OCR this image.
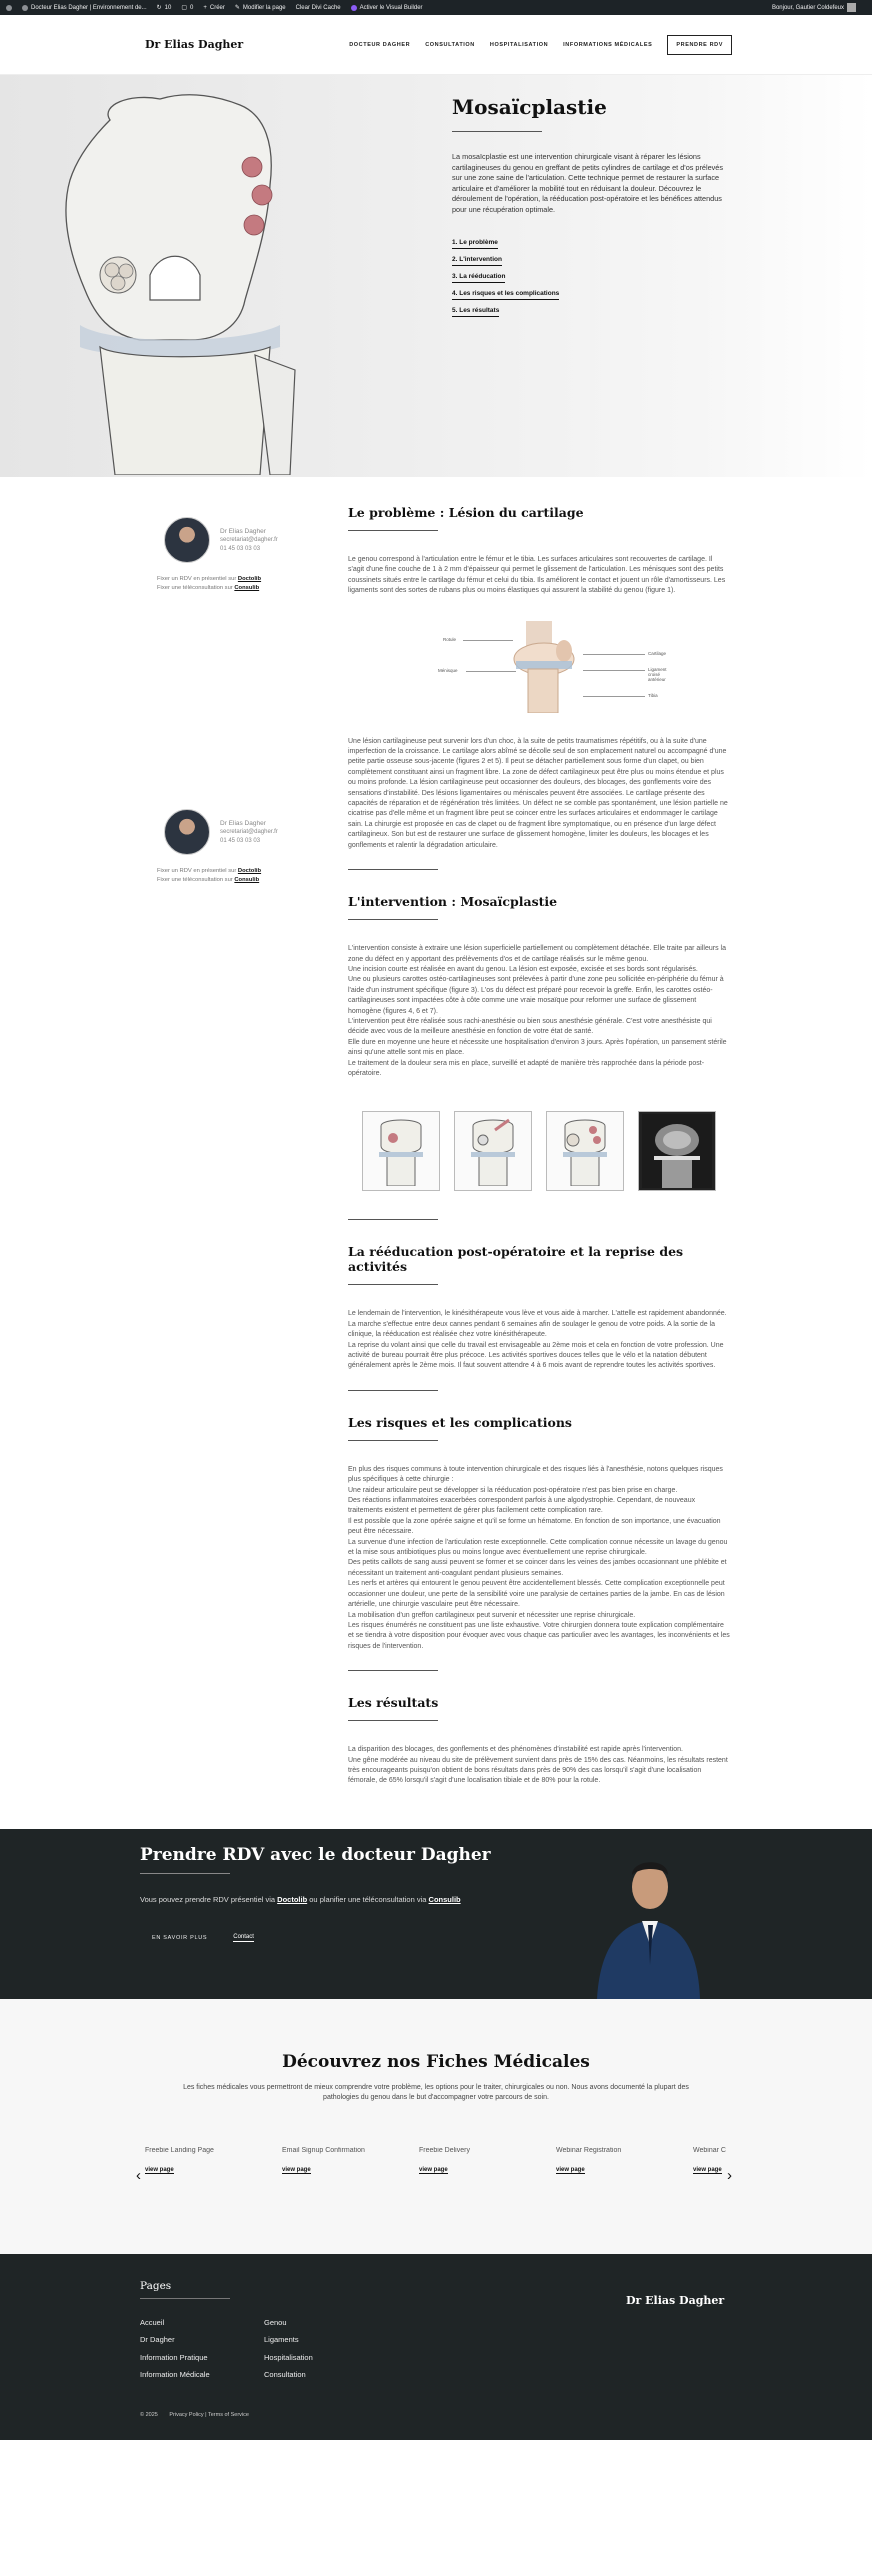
Docteur Elias Dagher | Environnement de... ↻ 10 ▢ 0 + Créer ✎ Modifier la page Clear Divi Cache	Activer le Visual Builder	Bonjour, Gautier Coldefeux
Dr Elias Dagher	DOCTEUR DAGHER	CONSULTATION	HOSPITALISATION	INFORMATIONS MÉDICALES	PRENDRE RDV
Mosaïcplastie

La mosaïcplastie est une intervention chirurgicale visant à réparer les lésions cartilagineuses du genou en greffant de petits cylindres de cartilage et d'os prélevés sur une zone saine de l'articulation. Cette technique permet de restaurer la surface articulaire et d'améliorer la mobilité tout en réduisant la douleur. Découvrez le déroulement de l'opération, la rééducation post-opératoire et les bénéfices attendus pour une récupération optimale.

1. Le problème
2. L'intervention
3. La rééducation
4. Les risques et les complications
5. Les résultats
Dr Elias Dagher
secretariat@dagher.fr
01 45 03 03 03
Fixer un RDV en présentiel sur Doctolib
Fixer une téléconsultation sur Consulib
Dr Elias Dagher
secretariat@dagher.fr
01 45 03 03 03
Fixer un RDV en présentiel sur Doctolib
Fixer une téléconsultation sur Consulib
Le problème : Lésion du cartilage

Le genou correspond à l'articulation entre le fémur et le tibia. Les surfaces articulaires sont recouvertes de cartilage. Il s'agit d'une fine couche de 1 à 2 mm d'épaisseur qui permet le glissement de l'articulation. Les ménisques sont des petits coussinets situés entre le cartilage du fémur et celui du tibia. Ils améliorent le contact et jouent un rôle d'amortisseurs. Les ligaments sont des sortes de rubans plus ou moins élastiques qui assurent la stabilité du genou (figure 1).

Rotule
Cartilage
Ménisque	Ligament croisé antérieur
Tibia

Une lésion cartilagineuse peut survenir lors d'un choc, à la suite de petits traumatismes répétitifs, ou à la suite d'une imperfection de la croissance. Le cartilage alors abîmé se décolle seul de son emplacement naturel ou accompagné d'une petite partie osseuse sous-jacente (figures 2 et 5). Il peut se détacher partiellement sous forme d'un clapet, ou bien complètement constituant ainsi un fragment libre. La zone de défect cartilagineux peut être plus ou moins étendue et plus ou moins profonde. La lésion cartilagineuse peut occasionner des douleurs, des blocages, des gonflements voire des sensations d'instabilité. Des lésions ligamentaires ou méniscales peuvent être associées. Le cartilage présente des capacités de réparation et de régénération très limitées. Un défect ne se comble pas spontanément, une lésion partielle ne cicatrise pas d'elle même et un fragment libre peut se coincer entre les surfaces articulaires et endommager le cartilage sain. La chirurgie est proposée en cas de clapet ou de fragment libre symptomatique, ou en présence d'un large défect cartilagineux. Son but est de restaurer une surface de glissement homogène, limiter les douleurs, les blocages et les gonflements et ralentir la dégradation articulaire.

L'intervention : Mosaïcplastie

L'intervention consiste à extraire une lésion superficielle partiellement ou complètement détachée. Elle traite par ailleurs la zone du défect en y apportant des prélèvements d'os et de cartilage réalisés sur le même genou.
Une incision courte est réalisée en avant du genou. La lésion est exposée, excisée et ses bords sont régularisés.
Une ou plusieurs carottes ostéo-cartilagineuses sont prélevées à partir d'une zone peu sollicitée en-périphérie du fémur à l'aide d'un instrument spécifique (figure 3). L'os du défect est préparé pour recevoir la greffe. Enfin, les carottes ostéo-cartilagineuses sont impactées côte à côte comme une vraie mosaïque pour reformer une surface de glissement homogène (figures 4, 6 et 7).
L'intervention peut être réalisée sous rachi-anesthésie ou bien sous anesthésie générale. C'est votre anesthésiste qui décide avec vous de la meilleure anesthésie en fonction de votre état de santé.
Elle dure en moyenne une heure et nécessite une hospitalisation d'environ 3 jours. Après l'opération, un pansement stérile ainsi qu'une attelle sont mis en place.
Le traitement de la douleur sera mis en place, surveillé et adapté de manière très rapprochée dans la période post-opératoire.

La rééducation post-opératoire et la reprise des activités

Le lendemain de l'intervention, le kinésithérapeute vous lève et vous aide à marcher. L'attelle est rapidement abandonnée. La marche s'effectue entre deux cannes pendant 6 semaines afin de soulager le genou de votre poids. A la sortie de la clinique, la rééducation est réalisée chez votre kinésithérapeute.
La reprise du volant ainsi que celle du travail est envisageable au 2ème mois et cela en fonction de votre profession. Une activité de bureau pourrait être plus précoce. Les activités sportives douces telles que le vélo et la natation débutent généralement après le 2ème mois. Il faut souvent attendre 4 à 6 mois avant de reprendre toutes les activités sportives.

Les risques et les complications

En plus des risques communs à toute intervention chirurgicale et des risques liés à l'anesthésie, notons quelques risques plus spécifiques à cette chirurgie :
Une raideur articulaire peut se développer si la rééducation post-opératoire n'est pas bien prise en charge.
Des réactions inflammatoires exacerbées correspondent parfois à une algodystrophie. Cependant, de nouveaux traitements existent et permettent de gérer plus facilement cette complication rare.
Il est possible que la zone opérée saigne et qu'il se forme un hématome. En fonction de son importance, une évacuation peut être nécessaire.
La survenue d'une infection de l'articulation reste exceptionnelle. Cette complication connue nécessite un lavage du genou et la mise sous antibiotiques plus ou moins longue avec éventuellement une reprise chirurgicale.
Des petits caillots de sang aussi peuvent se former et se coincer dans les veines des jambes occasionnant une phlébite et nécessitant un traitement anti-coagulant pendant plusieurs semaines.
Les nerfs et artères qui entourent le genou peuvent être accidentellement blessés. Cette complication exceptionnelle peut occasionner une douleur, une perte de la sensibilité voire une paralysie de certaines parties de la jambe. En cas de lésion artérielle, une chirurgie vasculaire peut être nécessaire.
La mobilisation d'un greffon cartilagineux peut survenir et nécessiter une reprise chirurgicale.
Les risques énumérés ne constituent pas une liste exhaustive. Votre chirurgien donnera toute explication complémentaire et se tiendra à votre disposition pour évoquer avec vous chaque cas particulier avec les avantages, les inconvénients et les risques de l'intervention.

Les résultats

La disparition des blocages, des gonflements et des phénomènes d'instabilité est rapide après l'intervention.
Une gêne modérée au niveau du site de prélèvement survient dans près de 15% des cas. Néanmoins, les résultats restent très encourageants puisqu'on obtient de bons résultats dans près de 90% des cas lorsqu'il s'agit d'une localisation fémorale, de 65% lorsqu'il s'agit d'une localisation tibiale et de 80% pour la rotule.

Prendre RDV avec le docteur Dagher

Vous pouvez prendre RDV présentiel via Doctolib ou planifier une téléconsultation via Consulib

EN SAVOIR PLUS	Contact
Découvrez nos Fiches Médicales

Les fiches médicales vous permettront de mieux comprendre votre problème, les options pour le traiter, chirurgicales ou non. Nous avons documenté la plupart des pathologies du genou dans le but d'accompagner votre parcours de soin.

‹
Freebie Landing Page
view page
Email Signup Confirmation
view page
Freebie Delivery
view page
Webinar Registration
view page
Webinar C
view page ›
Pages
Accueil
Dr Dagher
Information Pratique
Information Médicale
Genou
Ligaments
Hospitalisation
Consultation
Dr Elias Dagher
© 2025 Privacy Policy | Terms of Service
